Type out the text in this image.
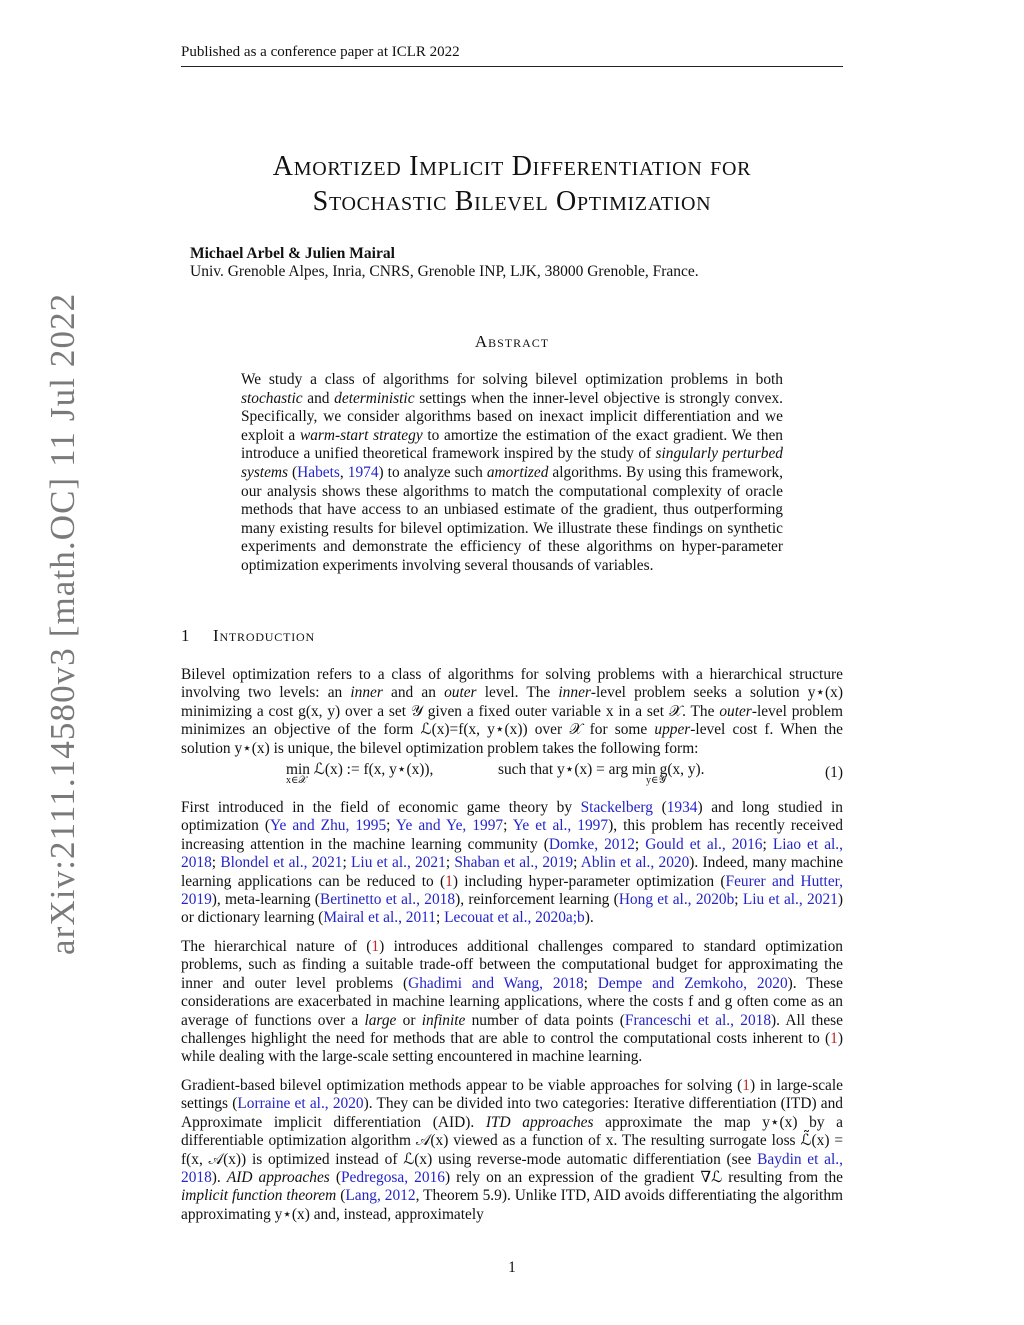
Published as a conference paper at ICLR 2022
arXiv:2111.14580v3 [math.OC] 11 Jul 2022
Amortized Implicit Differentiation for
Stochastic Bilevel Optimization
Michael Arbel & Julien Mairal
Univ. Grenoble Alpes, Inria, CNRS, Grenoble INP, LJK, 38000 Grenoble, France.
Abstract
We study a class of algorithms for solving bilevel optimization problems in both stochastic and deterministic settings when the inner-level objective is strongly convex. Specifically, we consider algorithms based on inexact implicit differentiation and we exploit a warm-start strategy to amortize the estimation of the exact gradient. We then introduce a unified theoretical framework inspired by the study of singularly perturbed systems (Habets, 1974) to analyze such amortized algorithms. By using this framework, our analysis shows these algorithms to match the computational complexity of oracle methods that have access to an unbiased estimate of the gradient, thus outperforming many existing results for bilevel optimization. We illustrate these findings on synthetic experiments and demonstrate the efficiency of these algorithms on hyper-parameter optimization experiments involving several thousands of variables.
1 Introduction
Bilevel optimization refers to a class of algorithms for solving problems with a hierarchical structure involving two levels: an inner and an outer level. The inner-level problem seeks a solution y⋆(x) minimizing a cost g(x, y) over a set 𝒴 given a fixed outer variable x in a set 𝒳. The outer-level problem minimizes an objective of the form ℒ(x)=f(x, y⋆(x)) over 𝒳 for some upper-level cost f. When the solution y⋆(x) is unique, the bilevel optimization problem takes the following form:
min ℒ(x) := f(x, y⋆(x)),
x∈𝒳
such that y⋆(x) = arg min g(x, y).
y∈𝒴	(1)
First introduced in the field of economic game theory by Stackelberg (1934) and long studied in optimization (Ye and Zhu, 1995; Ye and Ye, 1997; Ye et al., 1997), this problem has recently received increasing attention in the machine learning community (Domke, 2012; Gould et al., 2016; Liao et al., 2018; Blondel et al., 2021; Liu et al., 2021; Shaban et al., 2019; Ablin et al., 2020). Indeed, many machine learning applications can be reduced to (1) including hyper-parameter optimization (Feurer and Hutter, 2019), meta-learning (Bertinetto et al., 2018), reinforcement learning (Hong et al., 2020b; Liu et al., 2021) or dictionary learning (Mairal et al., 2011; Lecouat et al., 2020a;b).
The hierarchical nature of (1) introduces additional challenges compared to standard optimization problems, such as finding a suitable trade-off between the computational budget for approximating the inner and outer level problems (Ghadimi and Wang, 2018; Dempe and Zemkoho, 2020). These considerations are exacerbated in machine learning applications, where the costs f and g often come as an average of functions over a large or infinite number of data points (Franceschi et al., 2018). All these challenges highlight the need for methods that are able to control the computational costs inherent to (1) while dealing with the large-scale setting encountered in machine learning.
Gradient-based bilevel optimization methods appear to be viable approaches for solving (1) in large-scale settings (Lorraine et al., 2020). They can be divided into two categories: Iterative differentiation (ITD) and Approximate implicit differentiation (AID). ITD approaches approximate the map y⋆(x) by a differentiable optimization algorithm 𝒜(x) viewed as a function of x. The resulting surrogate loss ℒ̃(x) = f(x, 𝒜(x)) is optimized instead of ℒ(x) using reverse-mode automatic differentiation (see Baydin et al., 2018). AID approaches (Pedregosa, 2016) rely on an expression of the gradient ∇ℒ resulting from the implicit function theorem (Lang, 2012, Theorem 5.9). Unlike ITD, AID avoids differentiating the algorithm approximating y⋆(x) and, instead, approximately
1
